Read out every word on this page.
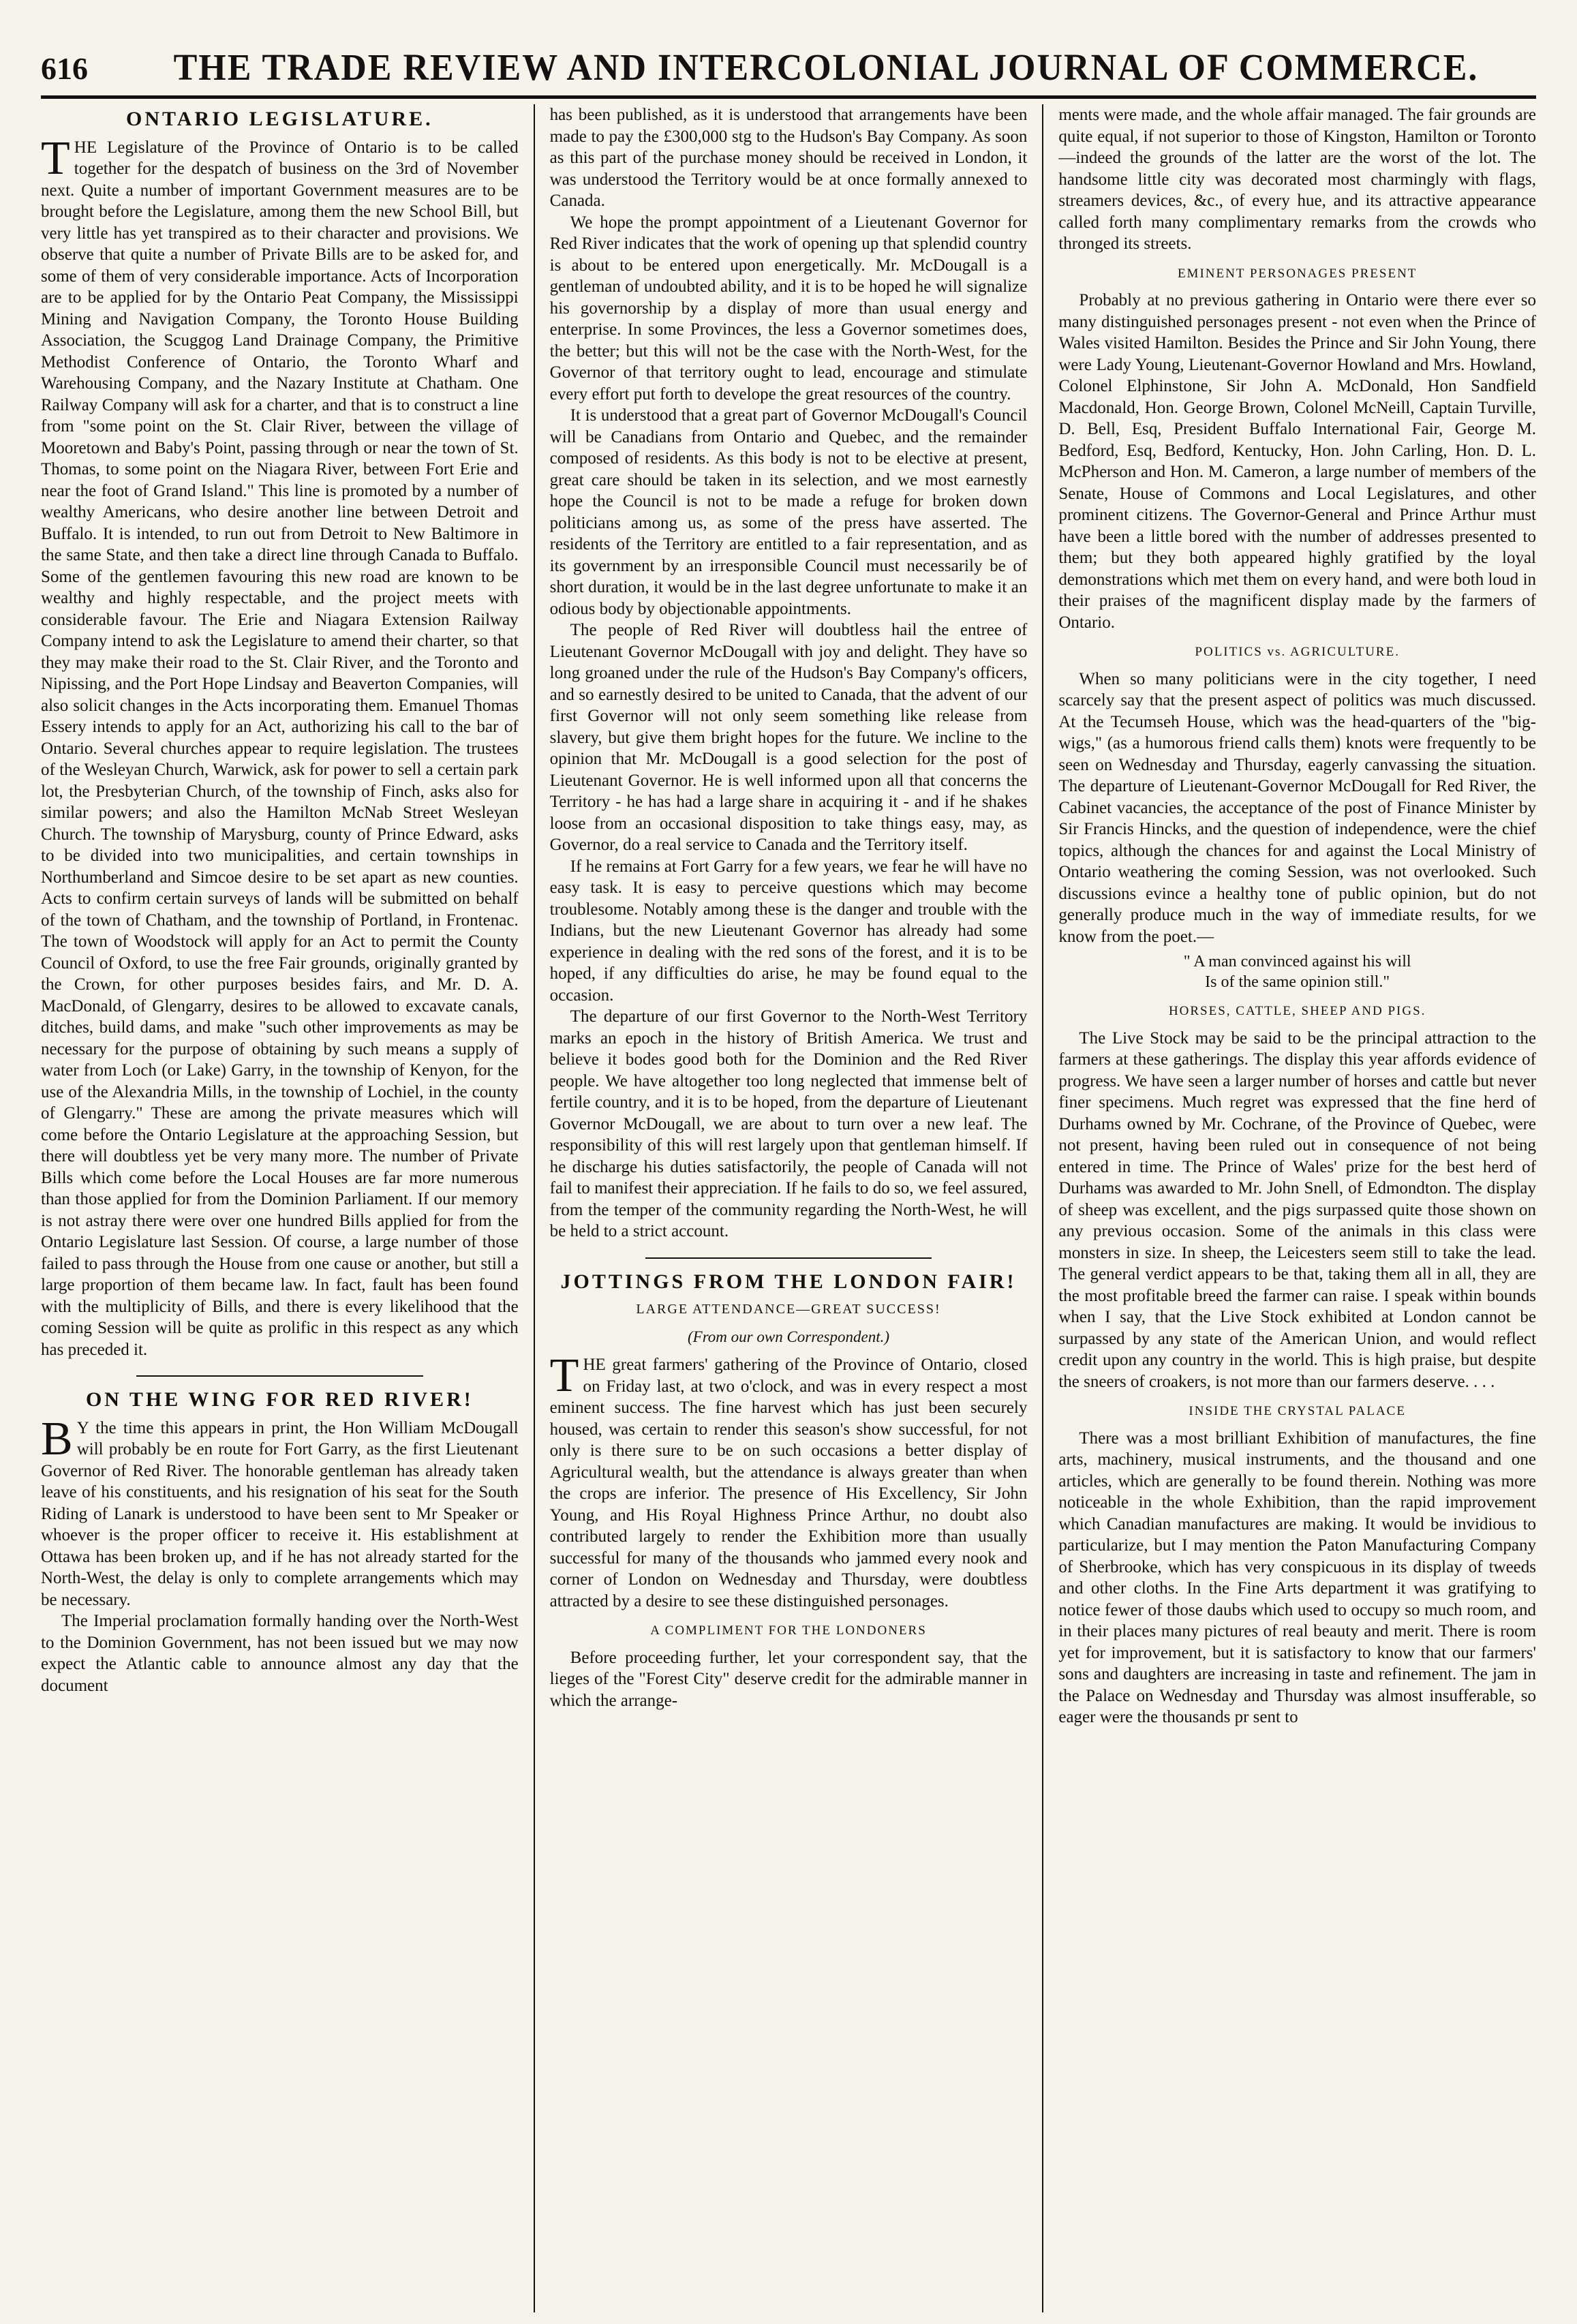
616	THE TRADE REVIEW AND INTERCOLONIAL JOURNAL OF COMMERCE.
ONTARIO LEGISLATURE.

THE Legislature of the Province of Ontario is to be called together for the despatch of business on the 3rd of November next. Quite a number of important Government measures are to be brought before the Legislature, among them the new School Bill, but very little has yet transpired as to their character and provisions. We observe that quite a number of Private Bills are to be asked for, and some of them of very considerable importance. Acts of Incorporation are to be applied for by the Ontario Peat Company, the Mississippi Mining and Navigation Company, the Toronto House Building Association, the Scuggog Land Drainage Company, the Primitive Methodist Conference of Ontario, the Toronto Wharf and Warehousing Company, and the Nazary Institute at Chatham. One Railway Company will ask for a charter, and that is to construct a line from "some point on the St. Clair River, between the village of Mooretown and Baby's Point, passing through or near the town of St. Thomas, to some point on the Niagara River, between Fort Erie and near the foot of Grand Island." This line is promoted by a number of wealthy Americans, who desire another line between Detroit and Buffalo. It is intended, to run out from Detroit to New Baltimore in the same State, and then take a direct line through Canada to Buffalo. Some of the gentlemen favouring this new road are known to be wealthy and highly respectable, and the project meets with considerable favour. The Erie and Niagara Extension Railway Company intend to ask the Legislature to amend their charter, so that they may make their road to the St. Clair River, and the Toronto and Nipissing, and the Port Hope Lindsay and Beaverton Companies, will also solicit changes in the Acts incorporating them. Emanuel Thomas Essery intends to apply for an Act, authorizing his call to the bar of Ontario. Several churches appear to require legislation. The trustees of the Wesleyan Church, Warwick, ask for power to sell a certain park lot, the Presbyterian Church, of the township of Finch, asks also for similar powers; and also the Hamilton McNab Street Wesleyan Church. The township of Marysburg, county of Prince Edward, asks to be divided into two municipalities, and certain townships in Northumberland and Simcoe desire to be set apart as new counties. Acts to confirm certain surveys of lands will be submitted on behalf of the town of Chatham, and the township of Portland, in Frontenac. The town of Woodstock will apply for an Act to permit the County Council of Oxford, to use the free Fair grounds, originally granted by the Crown, for other purposes besides fairs, and Mr. D. A. MacDonald, of Glengarry, desires to be allowed to excavate canals, ditches, build dams, and make "such other improvements as may be necessary for the purpose of obtaining by such means a supply of water from Loch (or Lake) Garry, in the township of Kenyon, for the use of the Alexandria Mills, in the township of Lochiel, in the county of Glengarry." These are among the private measures which will come before the Ontario Legislature at the approaching Session, but there will doubtless yet be very many more. The number of Private Bills which come before the Local Houses are far more numerous than those applied for from the Dominion Parliament. If our memory is not astray there were over one hundred Bills applied for from the Ontario Legislature last Session. Of course, a large number of those failed to pass through the House from one cause or another, but still a large proportion of them became law. In fact, fault has been found with the multiplicity of Bills, and there is every likelihood that the coming Session will be quite as prolific in this respect as any which has preceded it.

ON THE WING FOR RED RIVER!

BY the time this appears in print, the Hon William McDougall will probably be en route for Fort Garry, as the first Lieutenant Governor of Red River. The honorable gentleman has already taken leave of his constituents, and his resignation of his seat for the South Riding of Lanark is understood to have been sent to Mr Speaker or whoever is the proper officer to receive it. His establishment at Ottawa has been broken up, and if he has not already started for the North-West, the delay is only to complete arrangements which may be necessary.

The Imperial proclamation formally handing over the North-West to the Dominion Government, has not been issued but we may now expect the Atlantic cable to announce almost any day that the document

has been published, as it is understood that arrangements have been made to pay the £300,000 stg to the Hudson's Bay Company. As soon as this part of the purchase money should be received in London, it was understood the Territory would be at once formally annexed to Canada.

We hope the prompt appointment of a Lieutenant Governor for Red River indicates that the work of opening up that splendid country is about to be entered upon energetically. Mr. McDougall is a gentleman of undoubted ability, and it is to be hoped he will signalize his governorship by a display of more than usual energy and enterprise. In some Provinces, the less a Governor sometimes does, the better; but this will not be the case with the North-West, for the Governor of that territory ought to lead, encourage and stimulate every effort put forth to develope the great resources of the country.

It is understood that a great part of Governor McDougall's Council will be Canadians from Ontario and Quebec, and the remainder composed of residents. As this body is not to be elective at present, great care should be taken in its selection, and we most earnestly hope the Council is not to be made a refuge for broken down politicians among us, as some of the press have asserted. The residents of the Territory are entitled to a fair representation, and as its government by an irresponsible Council must necessarily be of short duration, it would be in the last degree unfortunate to make it an odious body by objectionable appointments.

The people of Red River will doubtless hail the entree of Lieutenant Governor McDougall with joy and delight. They have so long groaned under the rule of the Hudson's Bay Company's officers, and so earnestly desired to be united to Canada, that the advent of our first Governor will not only seem something like release from slavery, but give them bright hopes for the future. We incline to the opinion that Mr. McDougall is a good selection for the post of Lieutenant Governor. He is well informed upon all that concerns the Territory - he has had a large share in acquiring it - and if he shakes loose from an occasional disposition to take things easy, may, as Governor, do a real service to Canada and the Territory itself.

If he remains at Fort Garry for a few years, we fear he will have no easy task. It is easy to perceive questions which may become troublesome. Notably among these is the danger and trouble with the Indians, but the new Lieutenant Governor has already had some experience in dealing with the red sons of the forest, and it is to be hoped, if any difficulties do arise, he may be found equal to the occasion.

The departure of our first Governor to the North-West Territory marks an epoch in the history of British America. We trust and believe it bodes good both for the Dominion and the Red River people. We have altogether too long neglected that immense belt of fertile country, and it is to be hoped, from the departure of Lieutenant Governor McDougall, we are about to turn over a new leaf. The responsibility of this will rest largely upon that gentleman himself. If he discharge his duties satisfactorily, the people of Canada will not fail to manifest their appreciation. If he fails to do so, we feel assured, from the temper of the community regarding the North-West, he will be held to a strict account.

JOTTINGS FROM THE LONDON FAIR!
LARGE ATTENDANCE—GREAT SUCCESS!
(From our own Correspondent.)

THE great farmers' gathering of the Province of Ontario, closed on Friday last, at two o'clock, and was in every respect a most eminent success. The fine harvest which has just been securely housed, was certain to render this season's show successful, for not only is there sure to be on such occasions a better display of Agricultural wealth, but the attendance is always greater than when the crops are inferior. The presence of His Excellency, Sir John Young, and His Royal Highness Prince Arthur, no doubt also contributed largely to render the Exhibition more than usually successful for many of the thousands who jammed every nook and corner of London on Wednesday and Thursday, were doubtless attracted by a desire to see these distinguished personages.

A COMPLIMENT FOR THE LONDONERS

Before proceeding further, let your correspondent say, that the lieges of the "Forest City" deserve credit for the admirable manner in which the arrange-

ments were made, and the whole affair managed. The fair grounds are quite equal, if not superior to those of Kingston, Hamilton or Toronto—indeed the grounds of the latter are the worst of the lot. The handsome little city was decorated most charmingly with flags, streamers devices, &c., of every hue, and its attractive appearance called forth many complimentary remarks from the crowds who thronged its streets.

EMINENT PERSONAGES PRESENT

Probably at no previous gathering in Ontario were there ever so many distinguished personages present - not even when the Prince of Wales visited Hamilton. Besides the Prince and Sir John Young, there were Lady Young, Lieutenant-Governor Howland and Mrs. Howland, Colonel Elphinstone, Sir John A. McDonald, Hon Sandfield Macdonald, Hon. George Brown, Colonel McNeill, Captain Turville, D. Bell, Esq, President Buffalo International Fair, George M. Bedford, Esq, Bedford, Kentucky, Hon. John Carling, Hon. D. L. McPherson and Hon. M. Cameron, a large number of members of the Senate, House of Commons and Local Legislatures, and other prominent citizens. The Governor-General and Prince Arthur must have been a little bored with the number of addresses presented to them; but they both appeared highly gratified by the loyal demonstrations which met them on every hand, and were both loud in their praises of the magnificent display made by the farmers of Ontario.

POLITICS vs. AGRICULTURE.

When so many politicians were in the city together, I need scarcely say that the present aspect of politics was much discussed. At the Tecumseh House, which was the head-quarters of the "big-wigs," (as a humorous friend calls them) knots were frequently to be seen on Wednesday and Thursday, eagerly canvassing the situation. The departure of Lieutenant-Governor McDougall for Red River, the Cabinet vacancies, the acceptance of the post of Finance Minister by Sir Francis Hincks, and the question of independence, were the chief topics, although the chances for and against the Local Ministry of Ontario weathering the coming Session, was not overlooked. Such discussions evince a healthy tone of public opinion, but do not generally produce much in the way of immediate results, for we know from the poet.—

" A man convinced against his will
Is of the same opinion still."
HORSES, CATTLE, SHEEP AND PIGS.

The Live Stock may be said to be the principal attraction to the farmers at these gatherings. The display this year affords evidence of progress. We have seen a larger number of horses and cattle but never finer specimens. Much regret was expressed that the fine herd of Durhams owned by Mr. Cochrane, of the Province of Quebec, were not present, having been ruled out in consequence of not being entered in time. The Prince of Wales' prize for the best herd of Durhams was awarded to Mr. John Snell, of Edmondton. The display of sheep was excellent, and the pigs surpassed quite those shown on any previous occasion. Some of the animals in this class were monsters in size. In sheep, the Leicesters seem still to take the lead. The general verdict appears to be that, taking them all in all, they are the most profitable breed the farmer can raise. I speak within bounds when I say, that the Live Stock exhibited at London cannot be surpassed by any state of the American Union, and would reflect credit upon any country in the world. This is high praise, but despite the sneers of croakers, is not more than our farmers deserve. . . .

INSIDE THE CRYSTAL PALACE

There was a most brilliant Exhibition of manufactures, the fine arts, machinery, musical instruments, and the thousand and one articles, which are generally to be found therein. Nothing was more noticeable in the whole Exhibition, than the rapid improvement which Canadian manufactures are making. It would be invidious to particularize, but I may mention the Paton Manufacturing Company of Sherbrooke, which has very conspicuous in its display of tweeds and other cloths. In the Fine Arts department it was gratifying to notice fewer of those daubs which used to occupy so much room, and in their places many pictures of real beauty and merit. There is room yet for improvement, but it is satisfactory to know that our farmers' sons and daughters are increasing in taste and refinement. The jam in the Palace on Wednesday and Thursday was almost insufferable, so eager were the thousands pr sent to
